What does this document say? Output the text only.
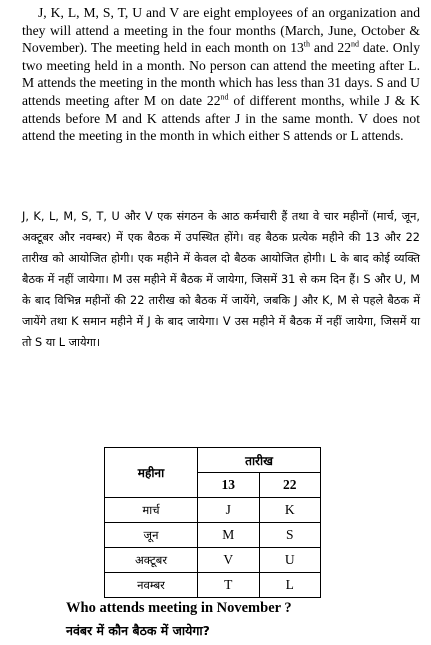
J, K, L, M, S, T, U and V are eight employees of an organization and they will attend a meeting in the four months (March, June, October & November). The meeting held in each month on 13th and 22nd date. Only two meeting held in a month. No person can attend the meeting after L. M attends the meeting in the month which has less than 31 days. S and U attends meeting after M on date 22nd of different months, while J & K attends before M and K attends after J in the same month. V does not attend the meeting in the month in which either S attends or L attends.

J, K, L, M, S, T, U और V एक संगठन के आठ कर्मचारी हैं तथा वे चार महीनों (मार्च, जून, अक्टूबर और नवम्बर) में एक बैठक में उपस्थित होंगे। वह बैठक प्रत्येक महीने की 13 और 22 तारीख को आयोजित होगी। एक महीने में केवल दो बैठक आयोजित होगी। L के बाद कोई व्यक्ति बैठक में नहीं जायेगा। M उस महीने में बैठक में जायेगा, जिसमें 31 से कम दिन हैं। S और U, M के बाद विभिन्न महीनों की 22 तारीख को बैठक में जायेंगे, जबकि J और K, M से पहले बैठक में जायेंगे तथा K समान महीने में J के बाद जायेगा। V उस महीने में बैठक में नहीं जायेगा, जिसमें या तो S या L जायेगा।

महीना	तारीख	
	13	22
मार्च	J	K
जून	M	S
अक्टूबर	V	U
नवम्बर	T	L

Who attends meeting in November ?

नवंबर में कौन बैठक में जायेगा?
